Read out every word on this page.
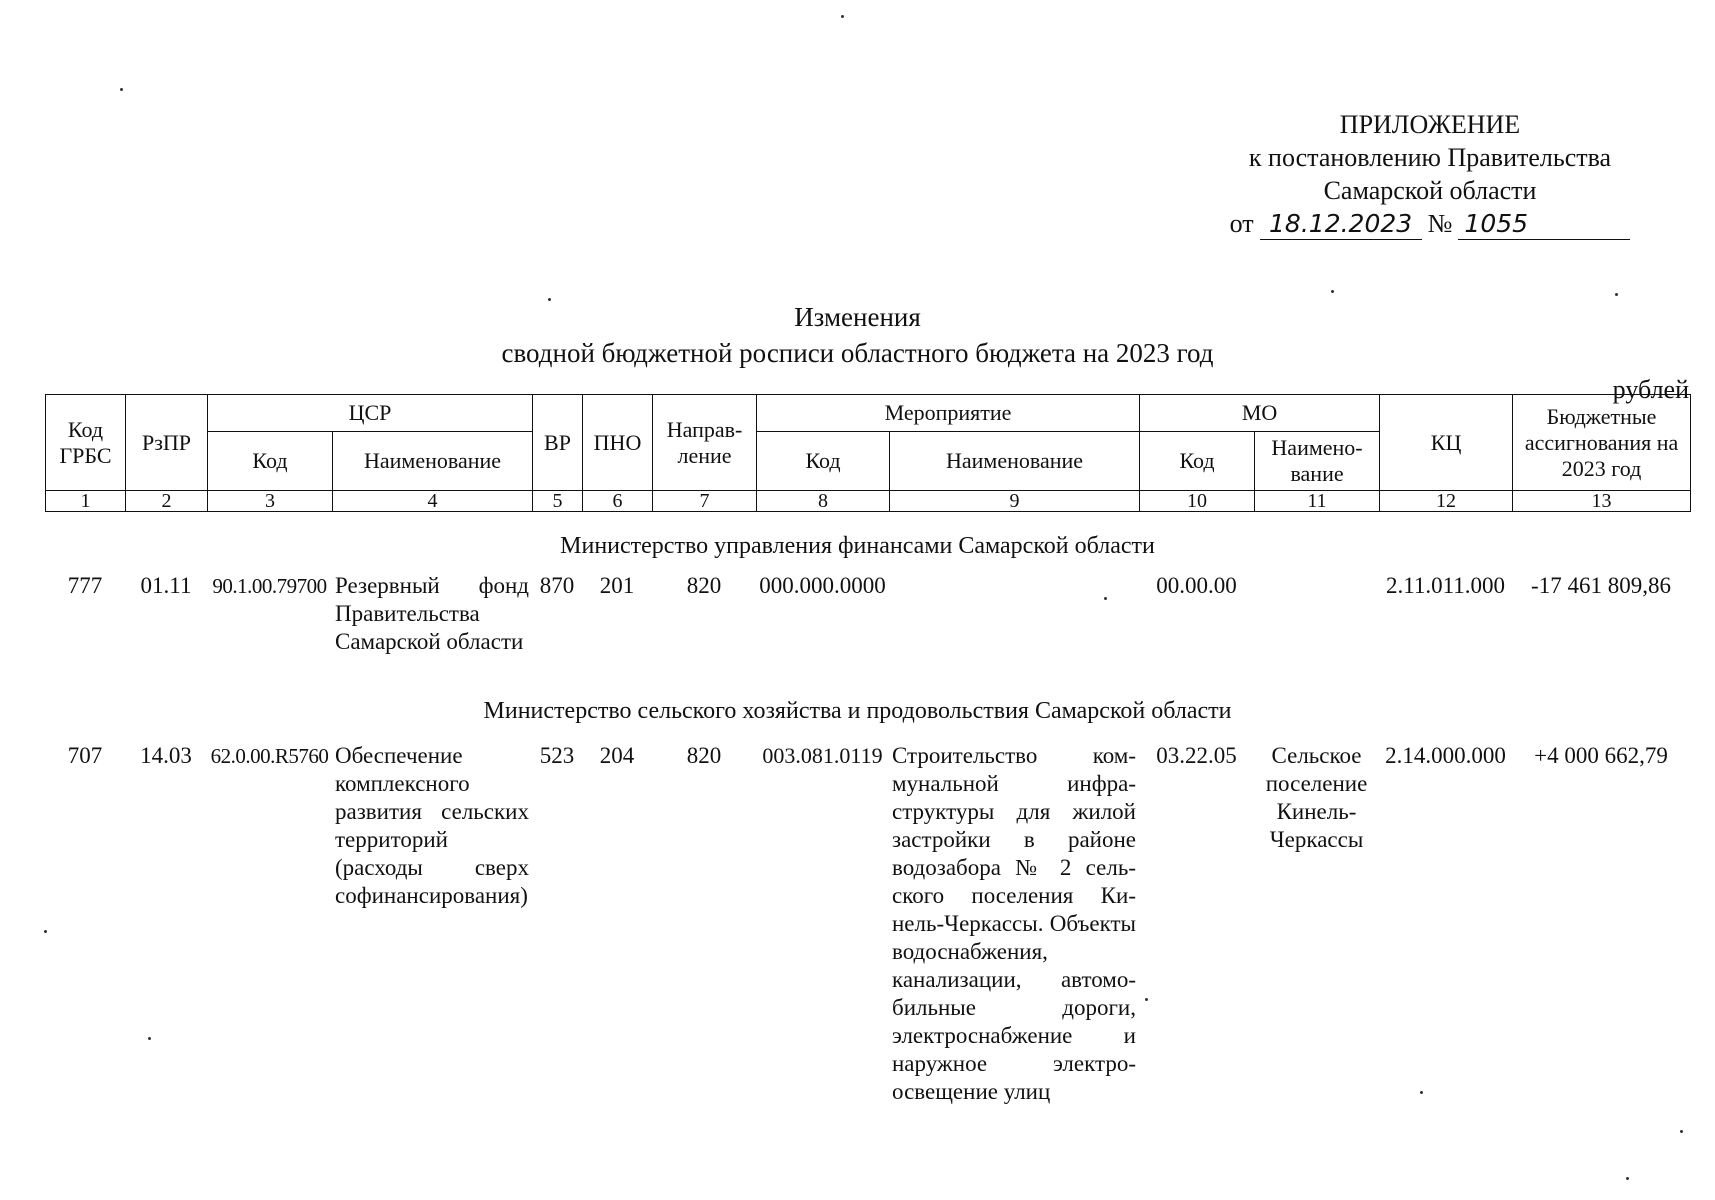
ПРИЛОЖЕНИЕ
к постановлению Правительства
Самарской области
от 18.12.2023 № 1055
Изменения
сводной бюджетной росписи областного бюджета на 2023 год
рублей
Код ГРБС	РзПР	ЦСР		ВР	ПНО	Направ-ление	Мероприятие		МО		КЦ	Бюджетные ассигнования на 2023 год
		Код	Наименование				Код	Наименование	Код	Наимено-вание		
1	2	3	4	5	6	7	8	9	10	11	12	13
Министерство управления финансами Самарской области
777	01.11	90.1.00.79700	Резервный фонд Правительства Самарской области	870	201	820	000.000.0000		00.00.00		2.11.011.000	-17 461 809,86
Министерство сельского хозяйства и продовольствия Самарской области
707	14.03	62.0.00.R5760	Обеспечение комплексного развития сельских территорий (расходы сверх софинансирования)	523	204	820	003.081.0119	Строительство коммунальной инфраструктуры для жилой застройки в районе водозабора № 2 сельского поселения Кинель-Черкассы. Объекты водоснабжения, канализации, автомобильные дороги, электроснабжение и наружное электроосвещение улиц	03.22.05	Сельское поселение Кинель-Черкассы	2.14.000.000	+4 000 662,79
